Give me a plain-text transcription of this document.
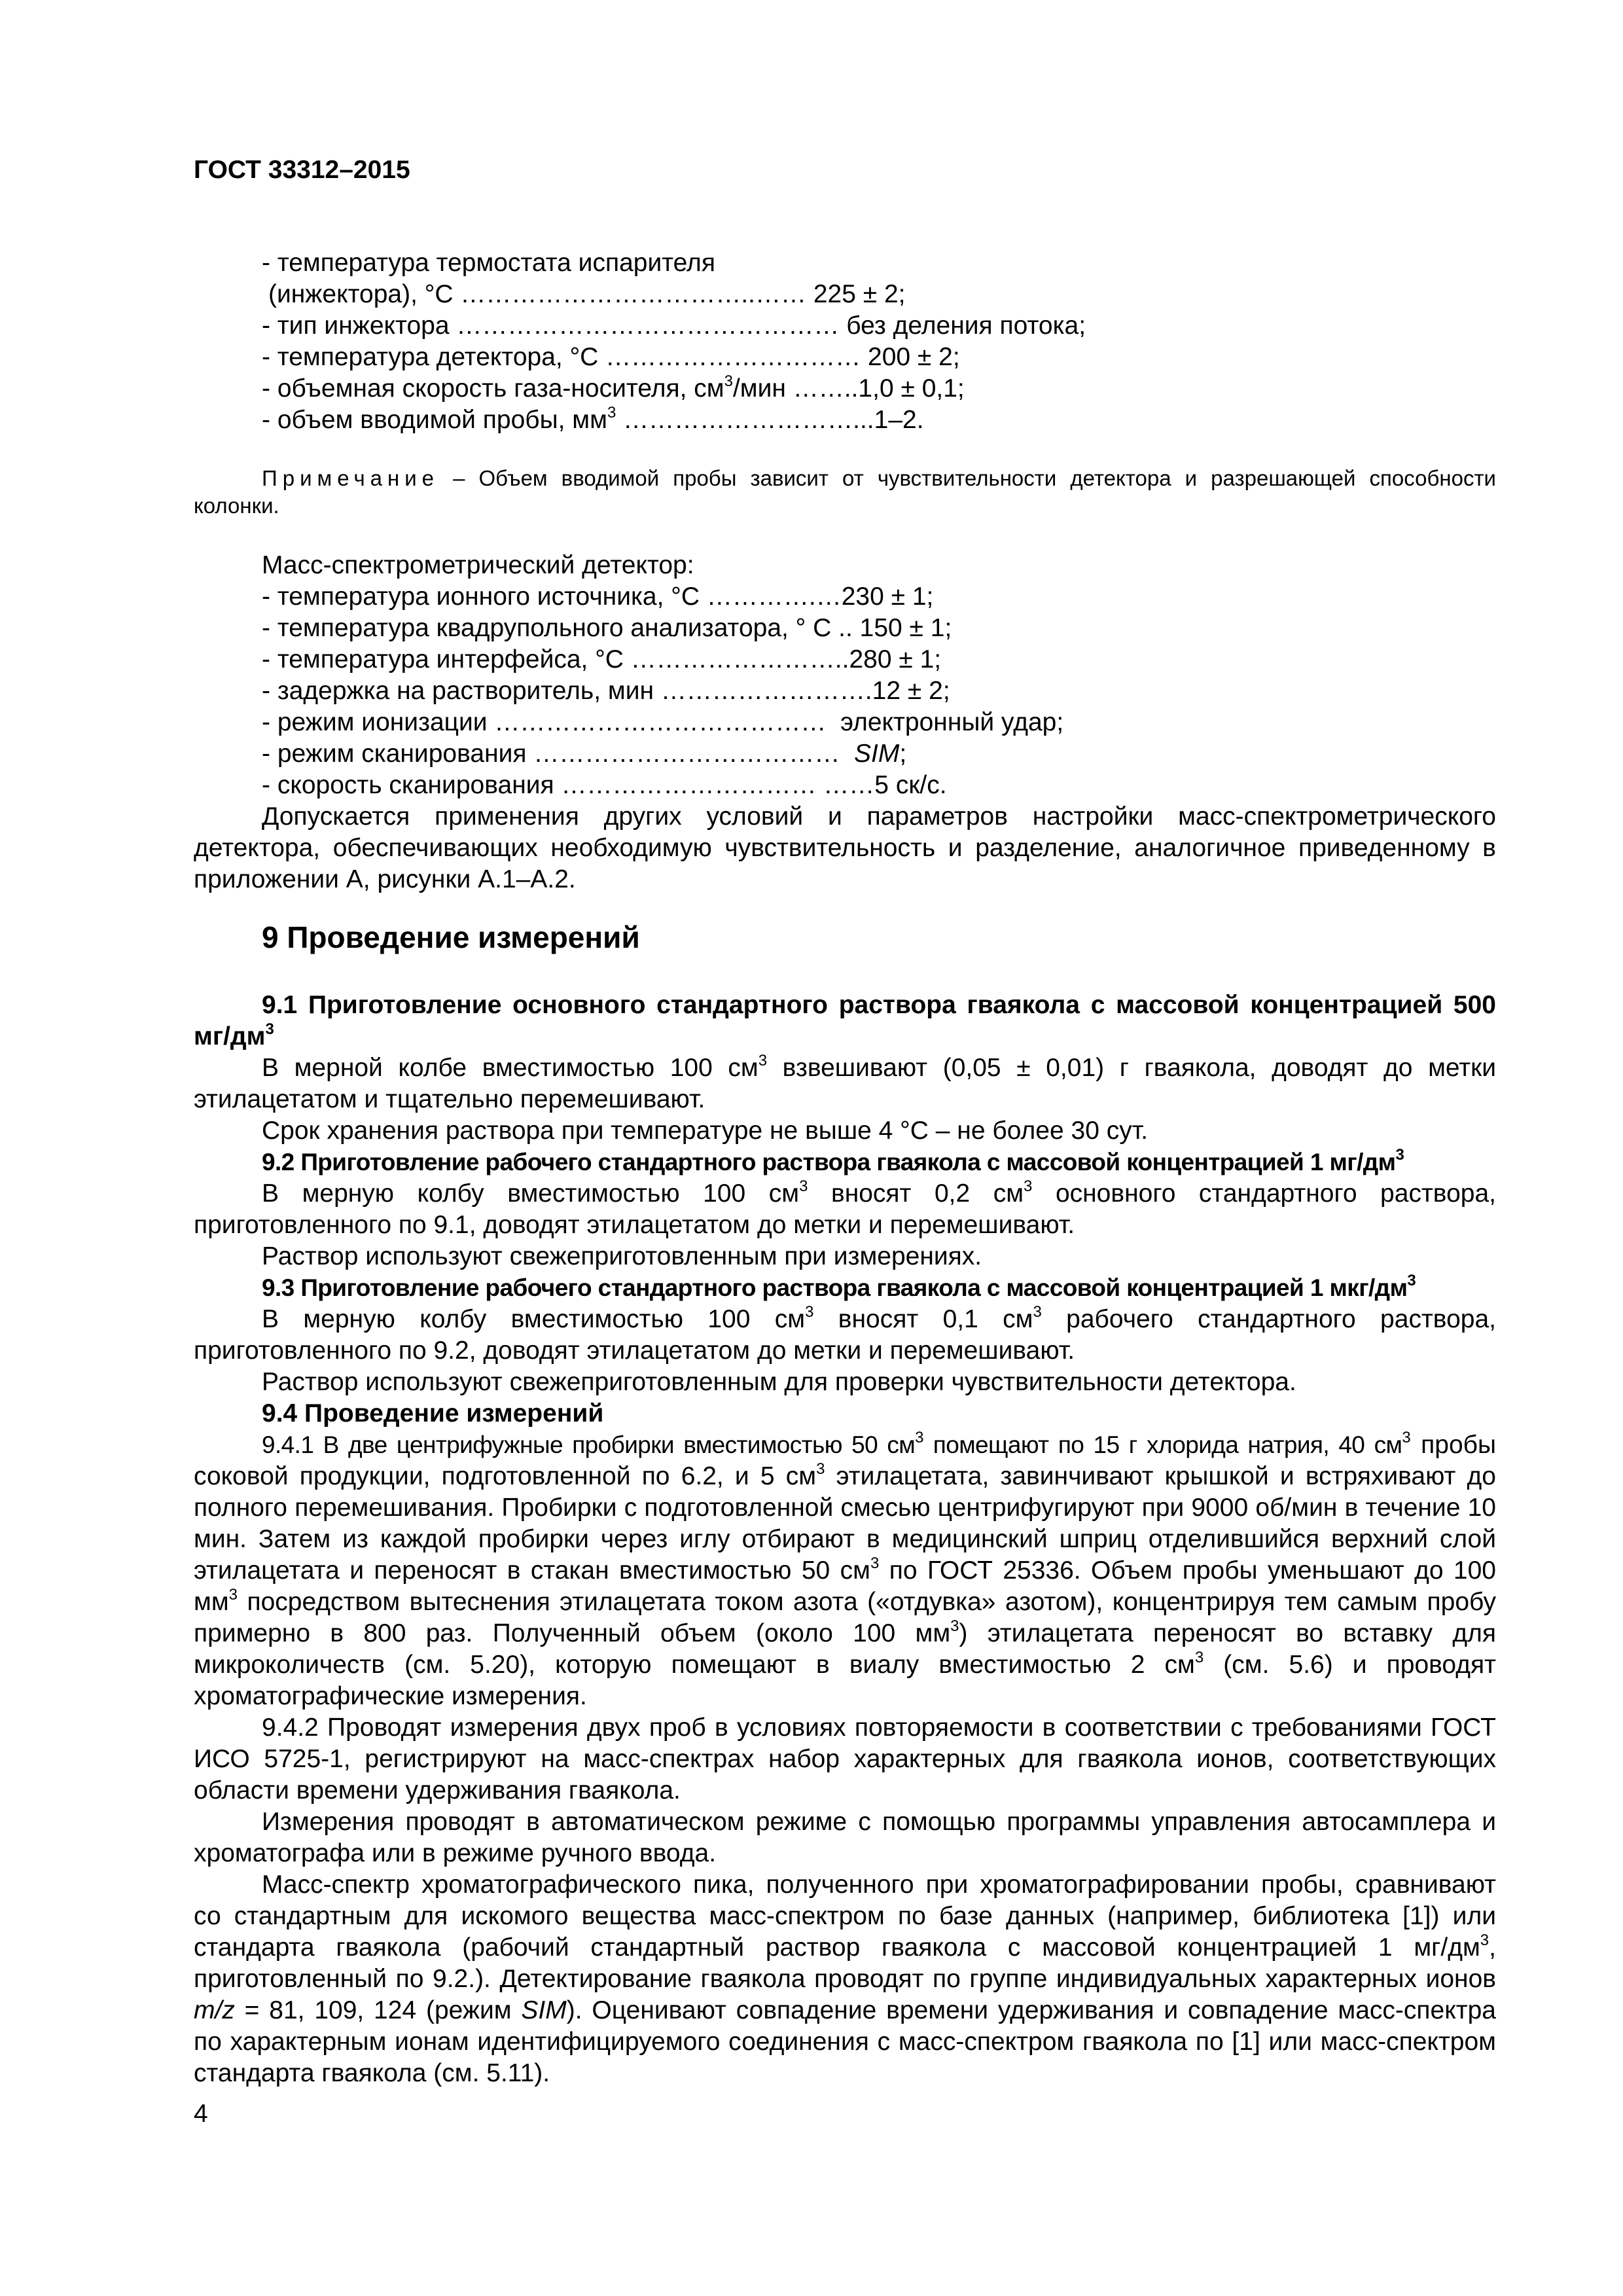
ГОСТ 33312–2015
- температура термостата испарителя
(инжектора), °C ……………………………..…… 225 ± 2;
- тип инжектора ……………………………………… без деления потока;
- температура детектора, °C ………………………… 200 ± 2;
- объемная скорость газа-носителя, $см^3$/мин ……..1,0 ± 0,1;
- объем вводимой пробы, $мм^3$ ………………………...1–2.
Примечание – Объем вводимой пробы зависит от чувствительности детектора и разрешающей способности колонки.
Масс-спектрометрический детектор:
- температура ионного источника, °C ………….…230 ± 1;
- температура квадрупольного анализатора, ° С .. 150 ± 1;
- температура интерфейса, °C ……………………..280 ± 1;
- задержка на растворитель, мин …………………….12 ± 2;
- режим ионизации …………………………………  электронный удар;
- режим сканирования ………………………………  SIM;
- скорость сканирования ………………………… ……5 ск/с.
Допускается применения других условий и параметров настройки масс-спектрометрического детектора, обеспечивающих необходимую чувствительность и разделение, аналогичное приведенному в приложении А, рисунки А.1–А.2.
9 Проведение измерений
9.1 Приготовление основного стандартного раствора гваякола с массовой концентрацией 500 $мг/дм^3$
В мерной колбе вместимостью 100 $см^3$ взвешивают (0,05 ± 0,01) г гваякола, доводят до метки этилацетатом и тщательно перемешивают.
Срок хранения раствора при температуре не выше 4 °С – не более 30 сут.
9.2 Приготовление рабочего стандартного раствора гваякола с массовой концентрацией 1 $мг/дм^3$
В мерную колбу вместимостью 100 $см^3$ вносят 0,2 $см^3$ основного стандартного раствора, приготовленного по 9.1, доводят этилацетатом до метки и перемешивают.
Раствор используют свежеприготовленным при измерениях.
9.3 Приготовление рабочего стандартного раствора гваякола с массовой концентрацией 1 мкг/$дм^3$
В мерную колбу вместимостью 100 $см^3$ вносят 0,1 $см^3$ рабочего стандартного раствора, приготовленного по 9.2, доводят этилацетатом до метки и перемешивают.
Раствор используют свежеприготовленным для проверки чувствительности детектора.
9.4 Проведение измерений
9.4.1 В две центрифужные пробирки вместимостью 50 $см^3$ помещают по 15 г хлорида натрия, 40 $см^3$ пробы соковой продукции, подготовленной по 6.2, и 5 $см^3$ этилацетата, завинчивают крышкой и встряхивают до полного перемешивания. Пробирки с подготовленной смесью центрифугируют при 9000 об/мин в течение 10 мин. Затем из каждой пробирки через иглу отбирают в медицинский шприц отделившийся верхний слой этилацетата и переносят в стакан вместимостью 50 $см^3$ по ГОСТ 25336. Объем пробы уменьшают до 100 $мм^3$ посредством вытеснения этилацетата током азота («отдувка» азотом), концентрируя тем самым пробу примерно в 800 раз. Полученный объем (около 100 $мм^3$) этилацетата переносят во вставку для микроколичеств (см. 5.20), которую помещают в виалу вместимостью 2 $см^3$ (см. 5.6) и проводят хроматографические измерения.
9.4.2 Проводят измерения двух проб в условиях повторяемости в соответствии с требованиями ГОСТ ИСО 5725-1, регистрируют на масс-спектрах набор характерных для гваякола ионов, соответствующих области времени удерживания гваякола.
Измерения проводят в автоматическом режиме с помощью программы управления автосамплера и хроматографа или в режиме ручного ввода.
Масс-спектр хроматографического пика, полученного при хроматографировании пробы, сравнивают со стандартным для искомого вещества масс-спектром по базе данных (например, библиотека [1]) или стандарта гваякола (рабочий стандартный раствор гваякола с массовой концентрацией 1 $мг/дм^3$, приготовленный по 9.2.). Детектирование гваякола проводят по группе индивидуальных характерных ионов m/z = 81, 109, 124 (режим SIM). Оценивают совпадение времени удерживания и совпадение масс-спектра по характерным ионам идентифицируемого соединения с масс-спектром гваякола по [1] или масс-спектром стандарта гваякола (см. 5.11).
4
